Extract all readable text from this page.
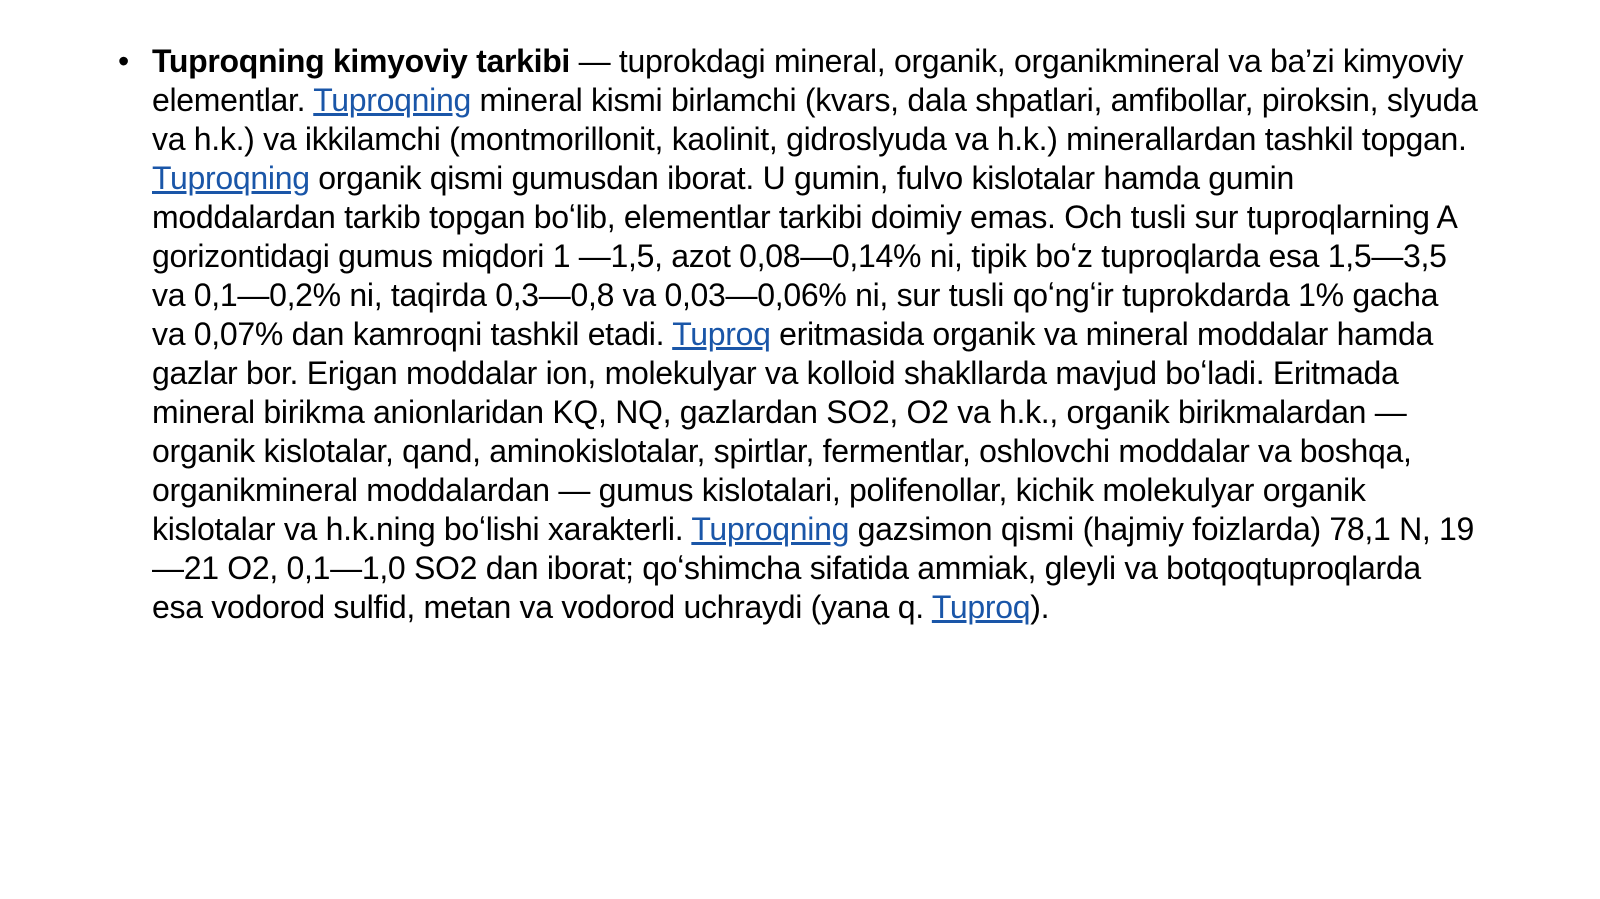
• Tuproqning kimyoviy tarkibi — tuprokdagi mineral, organik, organikmineral va ba’zi kimyoviy elementlar. Tuproqning mineral kismi birlamchi (kvars, dala shpatlari, amfibollar, piroksin, slyuda va h.k.) va ikkilamchi (montmorillonit, kaolinit, gidroslyuda va h.k.) minerallardan tashkil topgan. Tuproqning organik qismi gumusdan iborat. U gumin, fulvo kislotalar hamda gumin moddalardan tarkib topgan boʻlib, elementlar tarkibi doimiy emas. Och tusli sur tuproqlarning A gorizontidagi gumus miqdori 1 —1,5, azot 0,08—0,14% ni, tipik boʻz tuproqlarda esa 1,5—3,5 va 0,1—0,2% ni, taqirda 0,3—0,8 va 0,03—0,06% ni, sur tusli qoʻngʻir tuprokdarda 1% gacha va 0,07% dan kamroqni tashkil etadi. Tuproq eritmasida organik va mineral moddalar hamda gazlar bor. Erigan moddalar ion, molekulyar va kolloid shakllarda mavjud boʻladi. Eritmada mineral birikma anionlaridan KQ, NQ, gazlardan SO2, O2 va h.k., organik birikmalardan — organik kislotalar, qand, aminokislotalar, spirtlar, fermentlar, oshlovchi moddalar va boshqa, organikmineral moddalardan — gumus kislotalari, polifenollar, kichik molekulyar organik kislotalar va h.k.ning boʻlishi xarakterli. Tuproqning gazsimon qismi (hajmiy foizlarda) 78,1 N, 19—21 O2, 0,1—1,0 SO2 dan iborat; qoʻshimcha sifatida ammiak, gleyli va botqoqtuproqlarda esa vodorod sulfid, metan va vodorod uchraydi (yana q. Tuproq).
